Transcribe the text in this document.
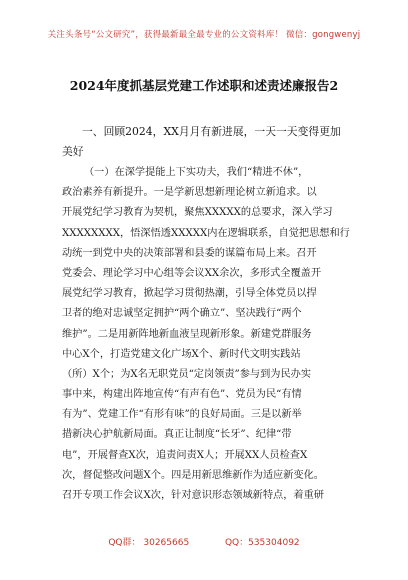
关注头条号“公文研究”，获得最新最全最专业的公文资料库！ 微信：gongwenyj
2024年度抓基层党建工作述职和述责述廉报告2
一、回顾2024，XX月月有新进展，一天一天变得更加
美好
（一）在深学提能上下实功夫，我们“精进不休”，
政治素养有新提升。一是学新思想新理论树立新追求。以
开展党纪学习教育为契机，聚焦XXXXX的总要求，深入学习
XXXXXXXX，悟深悟透XXXXX内在逻辑联系，自觉把思想和行
动统一到党中央的决策部署和县委的谋篇布局上来。召开
党委会、理论学习中心组等会议XX余次，多形式全覆盖开
展党纪学习教育，掀起学习贯彻热潮，引导全体党员以捍
卫者的绝对忠诚坚定拥护“两个确立”、坚决践行“两个
维护”。二是用新阵地新血液呈现新形象。新建党群服务
中心X个，打造党建文化广场X个、新时代文明实践站
（所）X个；为X名无职党员“定岗领责”参与到为民办实
事中来，构建出阵地宣传“有声有色”、党员为民“有情
有为”、党建工作“有形有味”的良好局面。三是以新举
措新决心护航新局面。真正让制度“长牙”、纪律“带
电”，开展督查X次，追责问责X人；开展XX人员检查X
次，督促整改问题X个。四是用新思维新作为适应新变化。
召开专项工作会议X次，针对意识形态领域新特点，着重研
QQ群： 30265665	QQ：535304092
